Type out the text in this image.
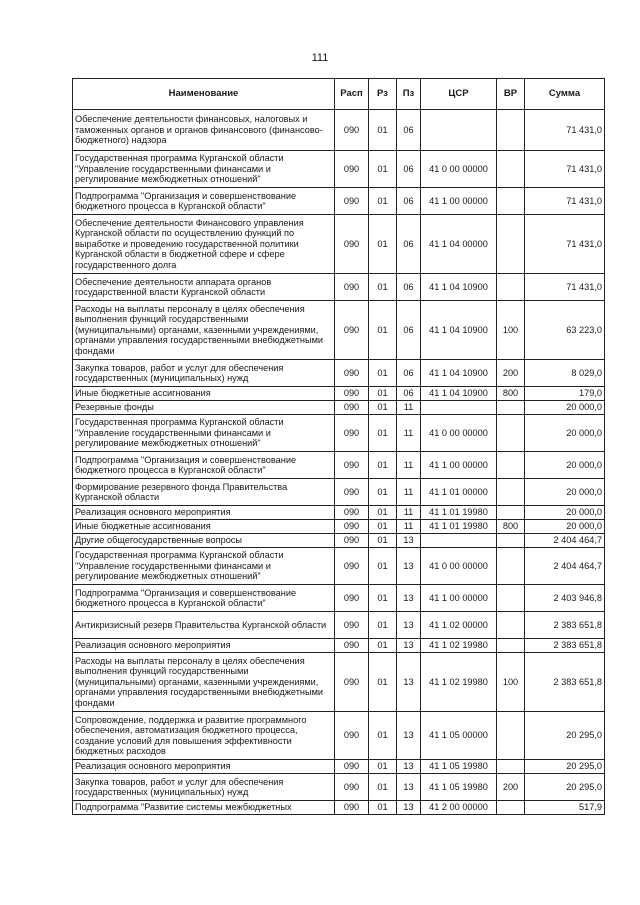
111
Наименование	Расп	Рз	Пз	ЦСР	ВР	Сумма
Обеспечение деятельности финансовых, налоговых и таможенных органов и органов финансового (финансово-бюджетного) надзора	090	01	06			71 431,0
Государственная программа Курганской области "Управление государственными финансами и регулирование межбюджетных отношений"	090	01	06	41 0 00 00000		71 431,0
Подпрограмма "Организация и совершенствование бюджетного процесса в Курганской области"	090	01	06	41 1 00 00000		71 431,0
Обеспечение деятельности Финансового управления Курганской области по осуществлению функций по выработке и проведению государственной политики Курганской области в бюджетной сфере и сфере государственного долга	090	01	06	41 1 04 00000		71 431,0
Обеспечение деятельности аппарата органов государственной власти Курганской области	090	01	06	41 1 04 10900		71 431,0
Расходы на выплаты персоналу в целях обеспечения выполнения функций государственными (муниципальными) органами, казенными учреждениями, органами управления государственными внебюджетными фондами	090	01	06	41 1 04 10900	100	63 223,0
Закупка товаров, работ и услуг для обеспечения государственных (муниципальных) нужд	090	01	06	41 1 04 10900	200	8 029,0
Иные бюджетные ассигнования	090	01	06	41 1 04 10900	800	179,0
Резервные фонды	090	01	11			20 000,0
Государственная программа Курганской области "Управление государственными финансами и регулирование межбюджетных отношений"	090	01	11	41 0 00 00000		20 000,0
Подпрограмма "Организация и совершенствование бюджетного процесса в Курганской области"	090	01	11	41 1 00 00000		20 000,0
Формирование резервного фонда Правительства Курганской области	090	01	11	41 1 01 00000		20 000,0
Реализация основного мероприятия	090	01	11	41 1 01 19980		20 000,0
Иные бюджетные ассигнования	090	01	11	41 1 01 19980	800	20 000,0
Другие общегосударственные вопросы	090	01	13			2 404 464,7
Государственная программа Курганской области "Управление государственными финансами и регулирование межбюджетных отношений"	090	01	13	41 0 00 00000		2 404 464,7
Подпрограмма "Организация и совершенствование бюджетного процесса в Курганской области"	090	01	13	41 1 00 00000		2 403 946,8
Антикризисный резерв Правительства Курганской области	090	01	13	41 1 02 00000		2 383 651,8
Реализация основного мероприятия	090	01	13	41 1 02 19980		2 383 651,8
Расходы на выплаты персоналу в целях обеспечения выполнения функций государственными (муниципальными) органами, казенными учреждениями, органами управления государственными внебюджетными фондами	090	01	13	41 1 02 19980	100	2 383 651,8
Сопровождение, поддержка и развитие программного обеспечения, автоматизация бюджетного процесса, создание условий для повышения эффективности бюджетных расходов	090	01	13	41 1 05 00000		20 295,0
Реализация основного мероприятия	090	01	13	41 1 05 19980		20 295,0
Закупка товаров, работ и услуг для обеспечения государственных (муниципальных) нужд	090	01	13	41 1 05 19980	200	20 295,0
Подпрограмма "Развитие системы межбюджетных	090	01	13	41 2 00 00000		517,9
